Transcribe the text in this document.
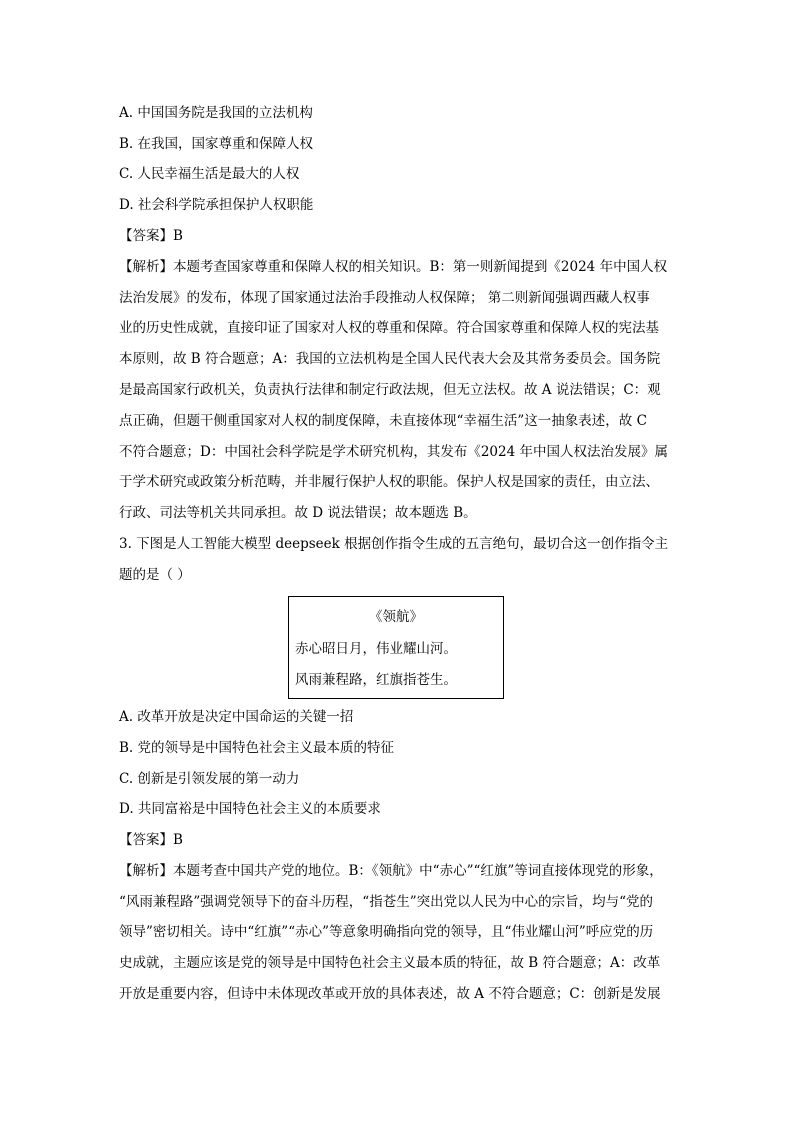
A. 中国国务院是我国的立法机构
B. 在我国，国家尊重和保障人权
C. 人民幸福生活是最大的人权
D. 社会科学院承担保护人权职能
【答案】B
【解析】本题考查国家尊重和保障人权的相关知识。B：第一则新闻提到《2024 年中国人权
法治发展》的发布，体现了国家通过法治手段推动人权保障； 第二则新闻强调西藏人权事
业的历史性成就，直接印证了国家对人权的尊重和保障。符合国家尊重和保障人权的宪法基
本原则，故 B 符合题意；A：我国的立法机构是全国人民代表大会及其常务委员会。国务院
是最高国家行政机关，负责执行法律和制定行政法规，但无立法权。故 A 说法错误；C：观
点正确，但题干侧重国家对人权的制度保障，未直接体现“幸福生活”这一抽象表述，故 C
不符合题意；D：中国社会科学院是学术研究机构，其发布《2024 年中国人权法治发展》属
于学术研究或政策分析范畴，并非履行保护人权的职能。保护人权是国家的责任，由立法、
行政、司法等机关共同承担。故 D 说法错误；故本题选 B。
3. 下图是人工智能大模型 deepseek 根据创作指令生成的五言绝句，最切合这一创作指令主
题的是（ ）
《领航》
赤心昭日月，伟业耀山河。
风雨兼程路，红旗指苍生。
A. 改革开放是决定中国命运的关键一招
B. 党的领导是中国特色社会主义最本质的特征
C. 创新是引领发展的第一动力
D. 共同富裕是中国特色社会主义的本质要求
【答案】B
【解析】本题考查中国共产党的地位。B：《领航》中“赤心”“红旗”等词直接体现党的形象，
“风雨兼程路”强调党领导下的奋斗历程，“指苍生”突出党以人民为中心的宗旨，均与“党的
领导”密切相关。诗中“红旗”“赤心”等意象明确指向党的领导，且“伟业耀山河”呼应党的历
史成就，主题应该是党的领导是中国特色社会主义最本质的特征，故 B 符合题意；A：改革
开放是重要内容，但诗中未体现改革或开放的具体表述，故 A 不符合题意；C：创新是发展
